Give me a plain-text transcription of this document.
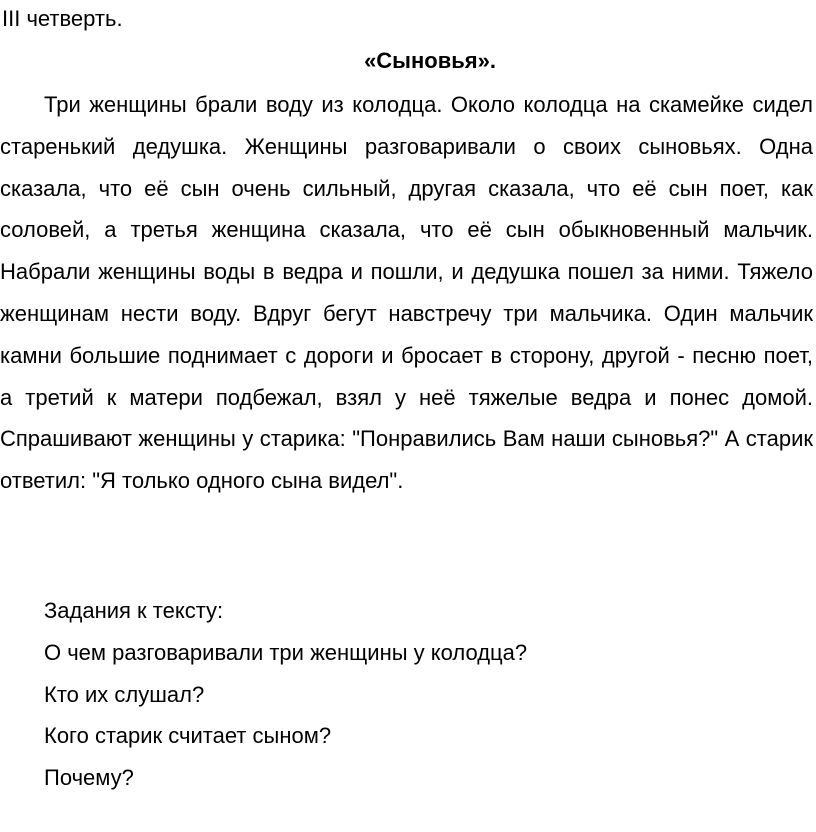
III четверть.
«Сыновья».

Три женщины брали воду из колодца. Около колодца на скамейке сидел старенький дедушка. Женщины разговаривали о своих сыновьях. Одна сказала, что её сын очень сильный, другая сказала, что её сын поет, как соловей, а третья женщина сказала, что её сын обыкновенный мальчик. Набрали женщины воды в ведра и пошли, и дедушка пошел за ними. Тяжело женщинам нести воду. Вдруг бегут навстречу три мальчика. Один мальчик камни большие поднимает с дороги и бросает в сторону, другой - песню поет, а третий к матери подбежал, взял у неё тяжелые ведра и понес домой. Спрашивают женщины у старика: "Понравились Вам наши сыновья?" А старик ответил: "Я только одного сына видел".

Задания к тексту:
О чем разговаривали три женщины у колодца?
Кто их слушал?
Кого старик считает сыном?
Почему?
